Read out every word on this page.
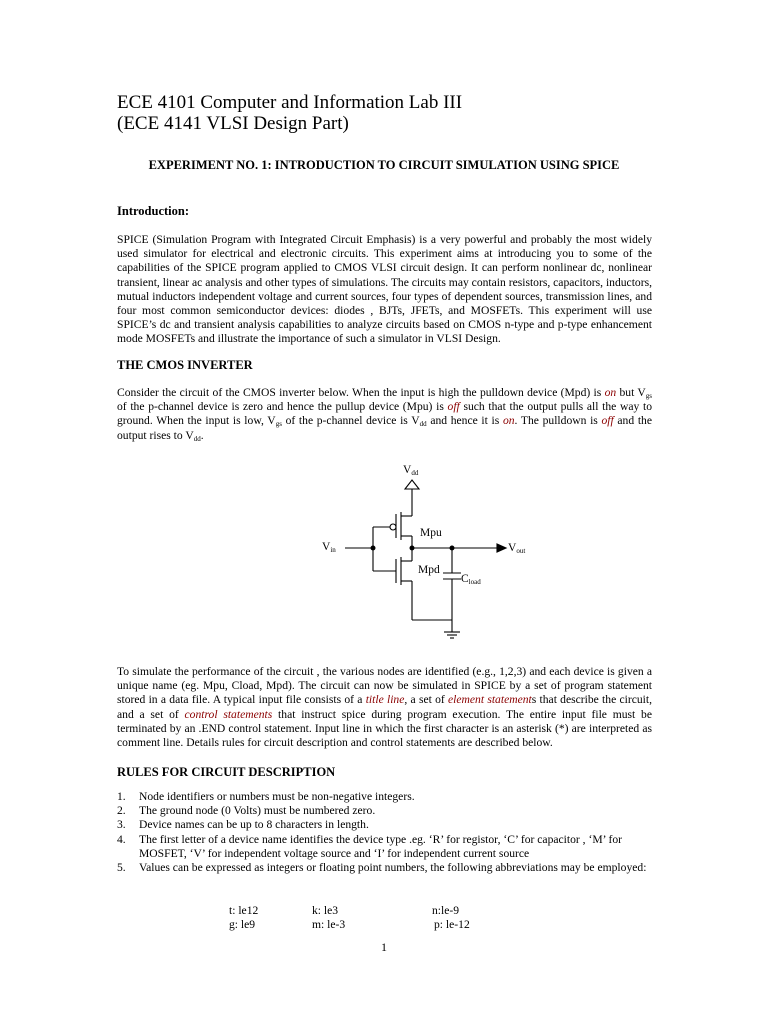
ECE 4101 Computer and Information Lab III
(ECE 4141 VLSI Design Part)
EXPERIMENT NO. 1: INTRODUCTION TO CIRCUIT SIMULATION USING SPICE
Introduction:

SPICE (Simulation Program with Integrated Circuit Emphasis) is a very powerful and probably the most widely used simulator for electrical and electronic circuits. This experiment aims at introducing you to some of the capabilities of the SPICE program applied to CMOS VLSI circuit design. It can perform nonlinear dc, nonlinear transient, linear ac analysis and other types of simulations. The circuits may contain resistors, capacitors, inductors, mutual inductors independent voltage and current sources, four types of dependent sources, transmission lines, and four most common semiconductor devices: diodes , BJTs, JFETs, and MOSFETs. This experiment will use SPICE’s dc and transient analysis capabilities to analyze circuits based on CMOS n-type and p-type enhancement mode MOSFETs and illustrate the importance of such a simulator in VLSI Design.

THE CMOS INVERTER

Consider the circuit of the CMOS inverter below. When the input is high the pulldown device (Mpd) is on but $V_{gs}$ of the p-channel device is zero and hence the pullup device (Mpu) is off such that the output pulls all the way to ground. When the input is low, $V_{gs}$ of the p-channel device is $V_{dd}$ and hence it is on. The pulldown is off and the output rises to $V_{dd}$.

Vdd
Vin	Vout
Mpu
Mpd
Cload

To simulate the performance of the circuit , the various nodes are identified (e.g., 1,2,3) and each device is given a unique name (eg. Mpu, Cload, Mpd). The circuit can now be simulated in SPICE by a set of program statement stored in a data file. A typical input file consists of a title line, a set of element statements that describe the circuit, and a set of control statements that instruct spice during program execution. The entire input file must be terminated by an .END control statement. Input line in which the first character is an asterisk (*) are interpreted as comment line. Details rules for circuit description and control statements are described below.

RULES FOR CIRCUIT DESCRIPTION
1. Node identifiers or numbers must be non-negative integers.
2. The ground node (0 Volts) must be numbered zero.
3. Device names can be up to 8 characters in length.
4. The first letter of a device name identifies the device type .eg. ‘R’ for registor, ‘C’ for capacitor , ‘M’ for MOSFET, ‘V’ for independent voltage source and ‘I’ for independent current source
5. Values can be expressed as integers or floating point numbers, the following abbreviations may be employed:
t: le12	k: le3	n:le-9
g: le9	m: le-3	p: le-12
1
